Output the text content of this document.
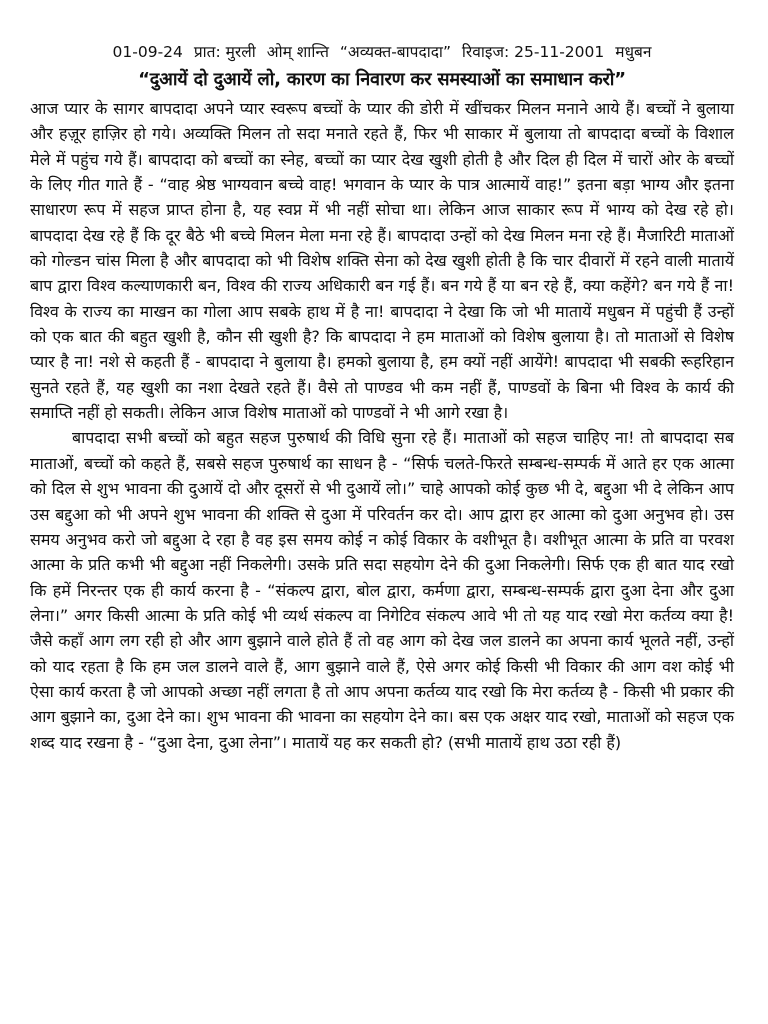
01-09-24 प्रात: मुरली ओम् शान्ति “अव्यक्त-बापदादा” रिवाइज: 25-11-2001 मधुबन
“दुआयें दो दुआयें लो, कारण का निवारण कर समस्याओं का समाधान करो”

आज प्यार के सागर बापदादा अपने प्यार स्वरूप बच्चों के प्यार की डोरी में खींचकर मिलन मनाने आये हैं। बच्चों ने बुलाया और हज़ूर हाज़िर हो गये। अव्यक्ति मिलन तो सदा मनाते रहते हैं, फिर भी साकार में बुलाया तो बापदादा बच्चों के विशाल मेले में पहुंच गये हैं। बापदादा को बच्चों का स्नेह, बच्चों का प्यार देख खुशी होती है और दिल ही दिल में चारों ओर के बच्चों के लिए गीत गाते हैं - “वाह श्रेष्ठ भाग्यवान बच्चे वाह! भगवान के प्यार के पात्र आत्मायें वाह!” इतना बड़ा भाग्य और इतना साधारण रूप में सहज प्राप्त होना है, यह स्वप्न में भी नहीं सोचा था। लेकिन आज साकार रूप में भाग्य को देख रहे हो। बापदादा देख रहे हैं कि दूर बैठे भी बच्चे मिलन मेला मना रहे हैं। बापदादा उन्हों को देख मिलन मना रहे हैं। मैजारिटी माताओं को गोल्डन चांस मिला है और बापदादा को भी विशेष शक्ति सेना को देख खुशी होती है कि चार दीवारों में रहने वाली मातायें बाप द्वारा विश्व कल्याणकारी बन, विश्व की राज्य अधिकारी बन गई हैं। बन गये हैं या बन रहे हैं, क्या कहेंगे? बन गये हैं ना! विश्व के राज्य का माखन का गोला आप सबके हाथ में है ना! बापदादा ने देखा कि जो भी मातायें मधुबन में पहुंची हैं उन्हों को एक बात की बहुत खुशी है, कौन सी खुशी है? कि बापदादा ने हम माताओं को विशेष बुलाया है। तो माताओं से विशेष प्यार है ना! नशे से कहती हैं - बापदादा ने बुलाया है। हमको बुलाया है, हम क्यों नहीं आयेंगे! बापदादा भी सबकी रूहरिहान सुनते रहते हैं, यह खुशी का नशा देखते रहते हैं। वैसे तो पाण्डव भी कम नहीं हैं, पाण्डवों के बिना भी विश्व के कार्य की समाप्ति नहीं हो सकती। लेकिन आज विशेष माताओं को पाण्डवों ने भी आगे रखा है।

बापदादा सभी बच्चों को बहुत सहज पुरुषार्थ की विधि सुना रहे हैं। माताओं को सहज चाहिए ना! तो बापदादा सब माताओं, बच्चों को कहते हैं, सबसे सहज पुरुषार्थ का साधन है - “सिर्फ चलते-फिरते सम्बन्ध-सम्पर्क में आते हर एक आत्मा को दिल से शुभ भावना की दुआयें दो और दूसरों से भी दुआयें लो।” चाहे आपको कोई कुछ भी दे, बद्दुआ भी दे लेकिन आप उस बद्दुआ को भी अपने शुभ भावना की शक्ति से दुआ में परिवर्तन कर दो। आप द्वारा हर आत्मा को दुआ अनुभव हो। उस समय अनुभव करो जो बद्दुआ दे रहा है वह इस समय कोई न कोई विकार के वशीभूत है। वशीभूत आत्मा के प्रति वा परवश आत्मा के प्रति कभी भी बद्दुआ नहीं निकलेगी। उसके प्रति सदा सहयोग देने की दुआ निकलेगी। सिर्फ एक ही बात याद रखो कि हमें निरन्तर एक ही कार्य करना है - “संकल्प द्वारा, बोल द्वारा, कर्मणा द्वारा, सम्बन्ध-सम्पर्क द्वारा दुआ देना और दुआ लेना।” अगर किसी आत्मा के प्रति कोई भी व्यर्थ संकल्प वा निगेटिव संकल्प आवे भी तो यह याद रखो मेरा कर्तव्य क्या है! जैसे कहाँ आग लग रही हो और आग बुझाने वाले होते हैं तो वह आग को देख जल डालने का अपना कार्य भूलते नहीं, उन्हों को याद रहता है कि हम जल डालने वाले हैं, आग बुझाने वाले हैं, ऐसे अगर कोई किसी भी विकार की आग वश कोई भी ऐसा कार्य करता है जो आपको अच्छा नहीं लगता है तो आप अपना कर्तव्य याद रखो कि मेरा कर्तव्य है - किसी भी प्रकार की आग बुझाने का, दुआ देने का। शुभ भावना की भावना का सहयोग देने का। बस एक अक्षर याद रखो, माताओं को सहज एक शब्द याद रखना है - “दुआ देना, दुआ लेना”। मातायें यह कर सकती हो? (सभी मातायें हाथ उठा रही हैं)
